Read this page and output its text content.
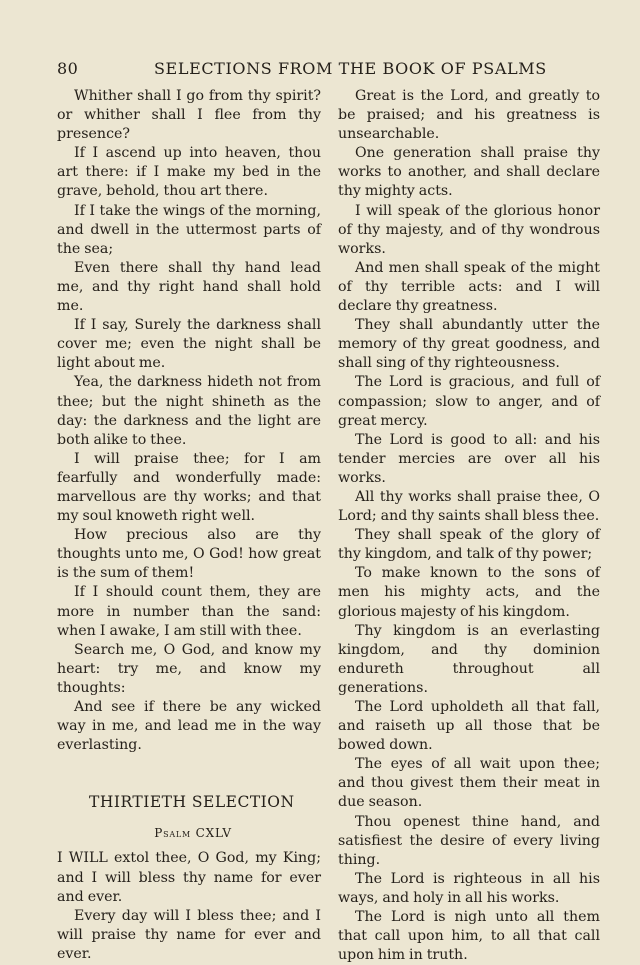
80	SELECTIONS FROM THE BOOK OF PSALMS

Whither shall I go from thy spirit? or whither shall I flee from thy presence?

If I ascend up into heaven, thou art there: if I make my bed in the grave, behold, thou art there.

If I take the wings of the morning, and dwell in the uttermost parts of the sea;

Even there shall thy hand lead me, and thy right hand shall hold me.

If I say, Surely the darkness shall cover me; even the night shall be light about me.

Yea, the darkness hideth not from thee; but the night shineth as the day: the darkness and the light are both alike to thee.

I will praise thee; for I am fearfully and wonderfully made: marvellous are thy works; and that my soul knoweth right well.

How precious also are thy thoughts unto me, O God! how great is the sum of them!

If I should count them, they are more in number than the sand: when I awake, I am still with thee.

Search me, O God, and know my heart: try me, and know my thoughts:

And see if there be any wicked way in me, and lead me in the way everlasting.

THIRTIETH SELECTION
Psalm CXLV

I WILL extol thee, O God, my King; and I will bless thy name for ever and ever.

Every day will I bless thee; and I will praise thy name for ever and ever.

Great is the Lord, and greatly to be praised; and his greatness is unsearchable.

One generation shall praise thy works to another, and shall declare thy mighty acts.

I will speak of the glorious honor of thy majesty, and of thy wondrous works.

And men shall speak of the might of thy terrible acts: and I will declare thy greatness.

They shall abundantly utter the memory of thy great goodness, and shall sing of thy righteousness.

The Lord is gracious, and full of compassion; slow to anger, and of great mercy.

The Lord is good to all: and his tender mercies are over all his works.

All thy works shall praise thee, O Lord; and thy saints shall bless thee.

They shall speak of the glory of thy kingdom, and talk of thy power;

To make known to the sons of men his mighty acts, and the glorious majesty of his kingdom.

Thy kingdom is an everlasting kingdom, and thy dominion endureth throughout all generations.

The Lord upholdeth all that fall, and raiseth up all those that be bowed down.

The eyes of all wait upon thee; and thou givest them their meat in due season.

Thou openest thine hand, and satisfiest the desire of every living thing.

The Lord is righteous in all his ways, and holy in all his works.

The Lord is nigh unto all them that call upon him, to all that call upon him in truth.
